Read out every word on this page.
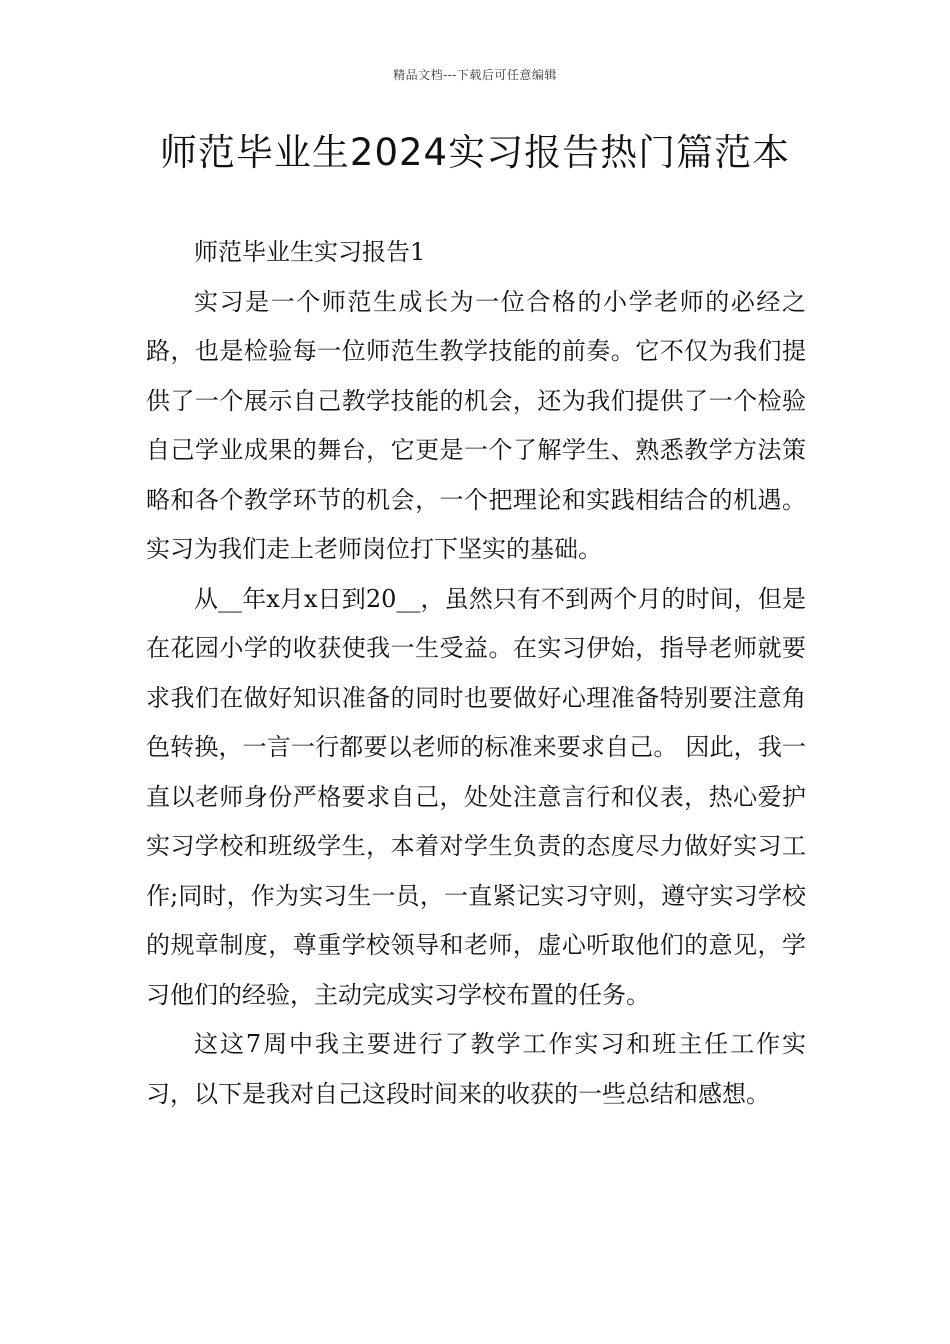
精品文档---下载后可任意编辑
师范毕业生2024实习报告热门篇范本

师范毕业生实习报告1

实习是一个师范生成长为一位合格的小学老师的必经之路，也是检验每一位师范生教学技能的前奏。它不仅为我们提供了一个展示自己教学技能的机会，还为我们提供了一个检验自己学业成果的舞台，它更是一个了解学生、熟悉教学方法策略和各个教学环节的机会，一个把理论和实践相结合的机遇。实习为我们走上老师岗位打下坚实的基础。

从__年x月x日到20__，虽然只有不到两个月的时间，但是在花园小学的收获使我一生受益。在实习伊始，指导老师就要求我们在做好知识准备的同时也要做好心理准备特别要注意角色转换，一言一行都要以老师的标准来要求自己。 因此，我一直以老师身份严格要求自己，处处注意言行和仪表，热心爱护实习学校和班级学生，本着对学生负责的态度尽力做好实习工作;同时，作为实习生一员，一直紧记实习守则，遵守实习学校的规章制度，尊重学校领导和老师，虚心听取他们的意见，学习他们的经验，主动完成实习学校布置的任务。

这这7周中我主要进行了教学工作实习和班主任工作实习，以下是我对自己这段时间来的收获的一些总结和感想。
